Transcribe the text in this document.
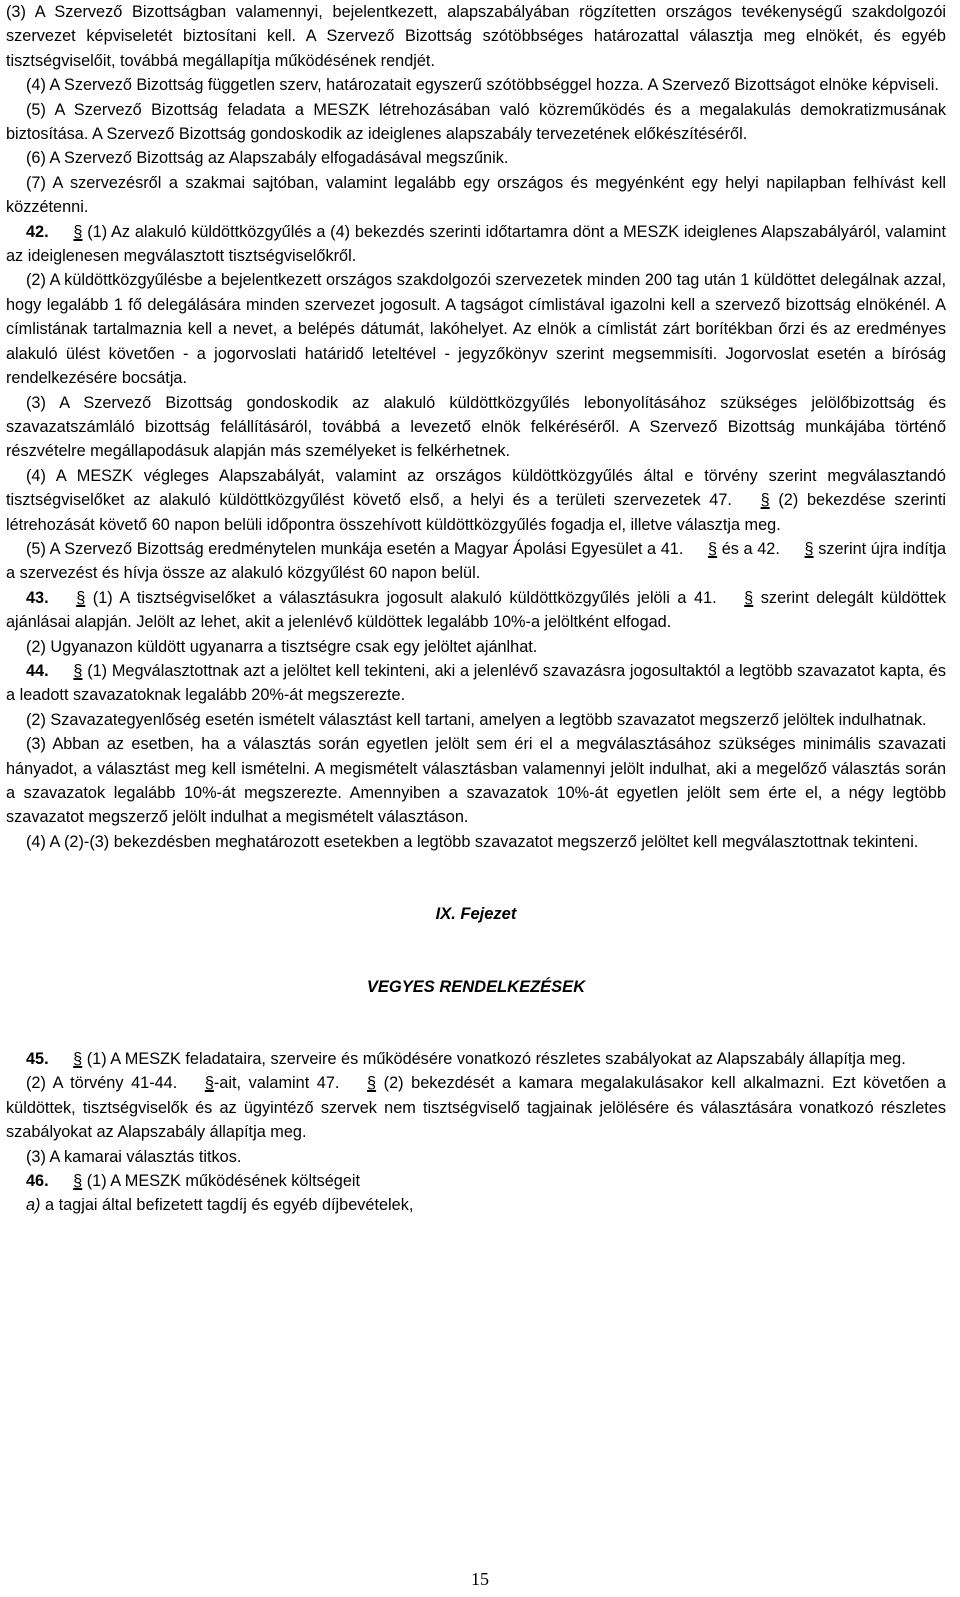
(3) A Szervező Bizottságban valamennyi, bejelentkezett, alapszabályában rögzítetten országos tevékenységű szakdolgozói szervezet képviseletét biztosítani kell. A Szervező Bizottság szótöbbséges határozattal választja meg elnökét, és egyéb tisztségviselőit, továbbá megállapítja működésének rendjét.

(4) A Szervező Bizottság független szerv, határozatait egyszerű szótöbbséggel hozza. A Szervező Bizottságot elnöke képviseli.

(5) A Szervező Bizottság feladata a MESZK létrehozásában való közreműködés és a megalakulás demokratizmusának biztosítása. A Szervező Bizottság gondoskodik az ideiglenes alapszabály tervezetének előkészítéséről.

(6) A Szervező Bizottság az Alapszabály elfogadásával megszűnik.

(7) A szervezésről a szakmai sajtóban, valamint legalább egy országos és megyénként egy helyi napilapban felhívást kell közzétenni.

42. § (1) Az alakuló küldöttközgyűlés a (4) bekezdés szerinti időtartamra dönt a MESZK ideiglenes Alapszabályáról, valamint az ideiglenesen megválasztott tisztségviselőkről.

(2) A küldöttközgyűlésbe a bejelentkezett országos szakdolgozói szervezetek minden 200 tag után 1 küldöttet delegálnak azzal, hogy legalább 1 fő delegálására minden szervezet jogosult. A tagságot címlistával igazolni kell a szervező bizottság elnökénél. A címlistának tartalmaznia kell a nevet, a belépés dátumát, lakóhelyet. Az elnök a címlistát zárt borítékban őrzi és az eredményes alakuló ülést követően - a jogorvoslati határidő leteltével - jegyzőkönyv szerint megsemmisíti. Jogorvoslat esetén a bíróság rendelkezésére bocsátja.

(3) A Szervező Bizottság gondoskodik az alakuló küldöttközgyűlés lebonyolításához szükséges jelölőbizottság és szavazatszámláló bizottság felállításáról, továbbá a levezető elnök felkéréséről. A Szervező Bizottság munkájába történő részvételre megállapodásuk alapján más személyeket is felkérhetnek.

(4) A MESZK végleges Alapszabályát, valamint az országos küldöttközgyűlés által e törvény szerint megválasztandó tisztségviselőket az alakuló küldöttközgyűlést követő első, a helyi és a területi szervezetek 47. § (2) bekezdése szerinti létrehozását követő 60 napon belüli időpontra összehívott küldöttközgyűlés fogadja el, illetve választja meg.

(5) A Szervező Bizottság eredménytelen munkája esetén a Magyar Ápolási Egyesület a 41. § és a 42. § szerint újra indítja a szervezést és hívja össze az alakuló közgyűlést 60 napon belül.

43. § (1) A tisztségviselőket a választásukra jogosult alakuló küldöttközgyűlés jelöli a 41. § szerint delegált küldöttek ajánlásai alapján. Jelölt az lehet, akit a jelenlévő küldöttek legalább 10%-a jelöltként elfogad.

(2) Ugyanazon küldött ugyanarra a tisztségre csak egy jelöltet ajánlhat.

44. § (1) Megválasztottnak azt a jelöltet kell tekinteni, aki a jelenlévő szavazásra jogosultaktól a legtöbb szavazatot kapta, és a leadott szavazatoknak legalább 20%-át megszerezte.

(2) Szavazategyenlőség esetén ismételt választást kell tartani, amelyen a legtöbb szavazatot megszerző jelöltek indulhatnak.

(3) Abban az esetben, ha a választás során egyetlen jelölt sem éri el a megválasztásához szükséges minimális szavazati hányadot, a választást meg kell ismételni. A megismételt választásban valamennyi jelölt indulhat, aki a megelőző választás során a szavazatok legalább 10%-át megszerezte. Amennyiben a szavazatok 10%-át egyetlen jelölt sem érte el, a négy legtöbb szavazatot megszerző jelölt indulhat a megismételt választáson.

(4) A (2)-(3) bekezdésben meghatározott esetekben a legtöbb szavazatot megszerző jelöltet kell megválasztottnak tekinteni.

IX. Fejezet

VEGYES RENDELKEZÉSEK

45. § (1) A MESZK feladataira, szerveire és működésére vonatkozó részletes szabályokat az Alapszabály állapítja meg.

(2) A törvény 41-44. §-ait, valamint 47. § (2) bekezdését a kamara megalakulásakor kell alkalmazni. Ezt követően a küldöttek, tisztségviselők és az ügyintéző szervek nem tisztségviselő tagjainak jelölésére és választására vonatkozó részletes szabályokat az Alapszabály állapítja meg.

(3) A kamarai választás titkos.

46. § (1) A MESZK működésének költségeit

a) a tagjai által befizetett tagdíj és egyéb díjbevételek,

15
